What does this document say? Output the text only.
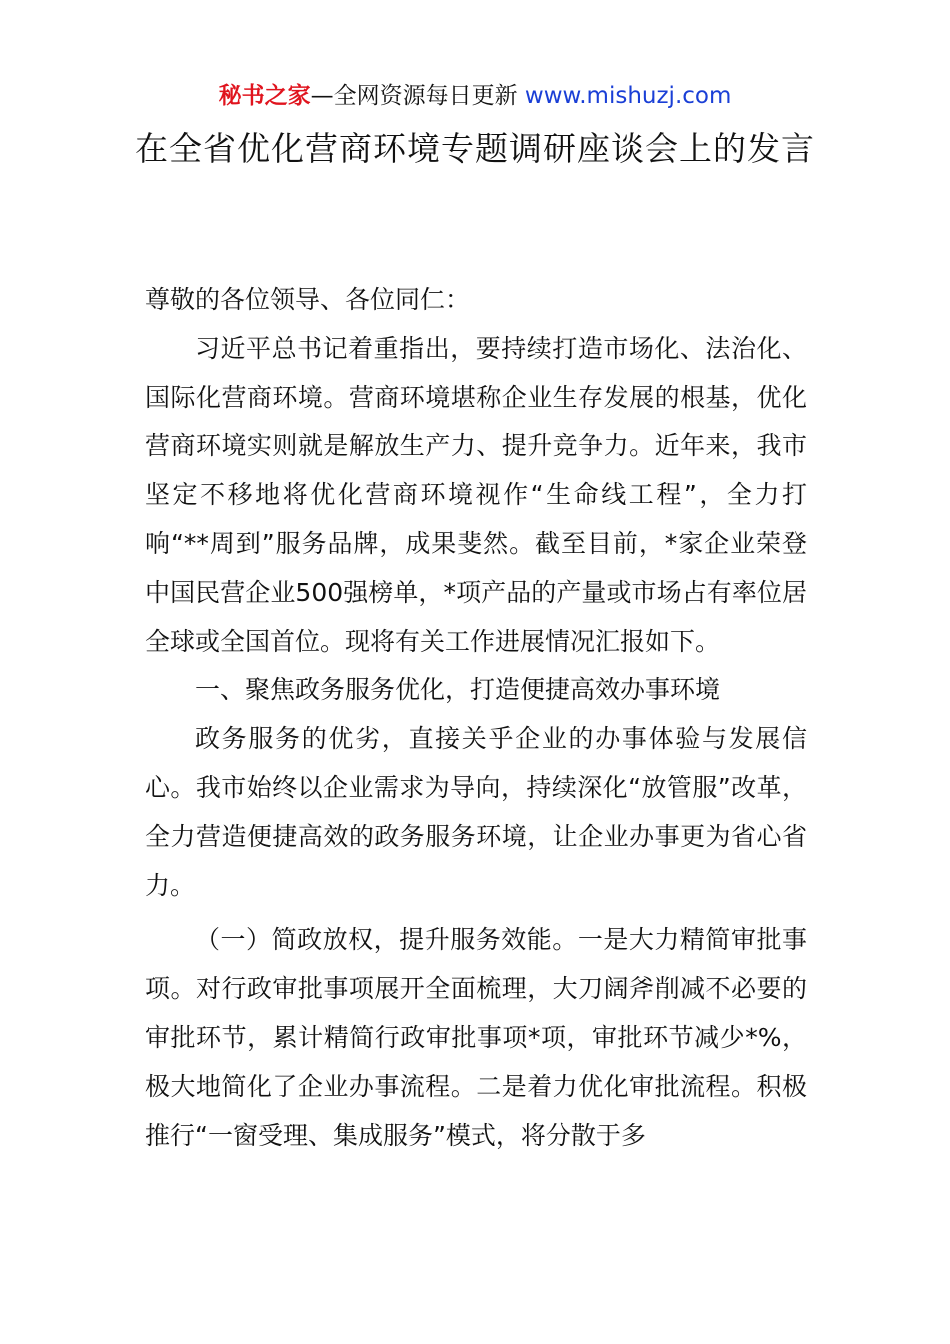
秘书之家—全网资源每日更新 www.mishuzj.com
在全省优化营商环境专题调研座谈会上的发言

尊敬的各位领导、各位同仁：

习近平总书记着重指出，要持续打造市场化、法治化、国际化营商环境。营商环境堪称企业生存发展的根基，优化营商环境实则就是解放生产力、提升竞争力。近年来，我市坚定不移地将优化营商环境视作“生命线工程”，全力打响“**周到”服务品牌，成果斐然。截至目前，*家企业荣登中国民营企业500强榜单，*项产品的产量或市场占有率位居全球或全国首位。现将有关工作进展情况汇报如下。

一、聚焦政务服务优化，打造便捷高效办事环境

政务服务的优劣，直接关乎企业的办事体验与发展信心。我市始终以企业需求为导向，持续深化“放管服”改革，全力营造便捷高效的政务服务环境，让企业办事更为省心省力。

（一）简政放权，提升服务效能。一是大力精简审批事项。对行政审批事项展开全面梳理，大刀阔斧削减不必要的审批环节，累计精简行政审批事项*项，审批环节减少*%，极大地简化了企业办事流程。二是着力优化审批流程。积极推行“一窗受理、集成服务”模式，将分散于多
